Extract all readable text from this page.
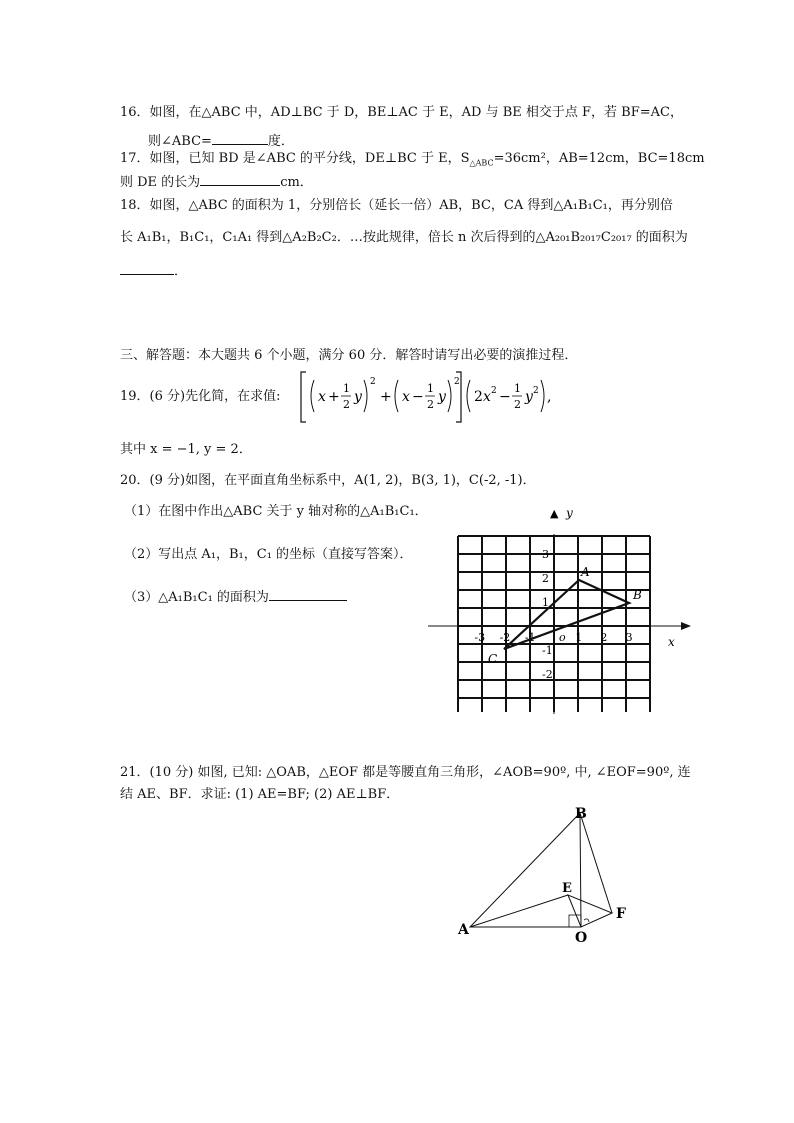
16．如图，在△ABC 中，AD⊥BC 于 D，BE⊥AC 于 E，AD 与 BE 相交于点 F，若 BF=AC，
则∠ABC=	度．
17．如图，已知 BD 是∠ABC 的平分线，DE⊥BC 于 E，$S_{\triangle ABC}=36cm^2$，AB=12cm，BC=18cm
则 DE 的长为	cm．
18．如图，△ABC 的面积为 1，分别倍长（延长一倍）AB，BC，CA 得到△A₁B₁C₁，再分别倍
长 A₁B₁，B₁C₁，C₁A₁ 得到△A₂B₂C₂．…按此规律，倍长 n 次后得到的△A₂₀₁B₂₀₁₇C₂₀₁₇ 的面积为
．
三、解答题：本大题共 6 个小题，满分 60 分．解答时请写出必要的演推过程．
19．(6 分)先化简，在求值:	x +
1
2 y
2
+ x −
1
2 y
2
2 x 2 −
1
2 y 2 ,
其中 x = −1, y = 2．
20．(9 分)如图，在平面直角坐标系中，A(1, 2)，B(3, 1)，C(-2, -1)．
（1）在图中作出△ABC 关于 y 轴对称的△A₁B₁C₁．
（2）写出点 A₁，B₁，C₁ 的坐标（直接写答案）．
（3）△A₁B₁C₁ 的面积为
x
▲ y
-3 -2 -1	1 2 3
3
2
1
-1
-2
o
A
B
C
21．(10 分) 如图, 已知: △OAB，△EOF 都是等腰直角三角形，∠AOB=90º, 中, ∠EOF=90º, 连
结 AE、BF．求证: (1) AE=BF; (2) AE⊥BF．
B
E
F
A	O
